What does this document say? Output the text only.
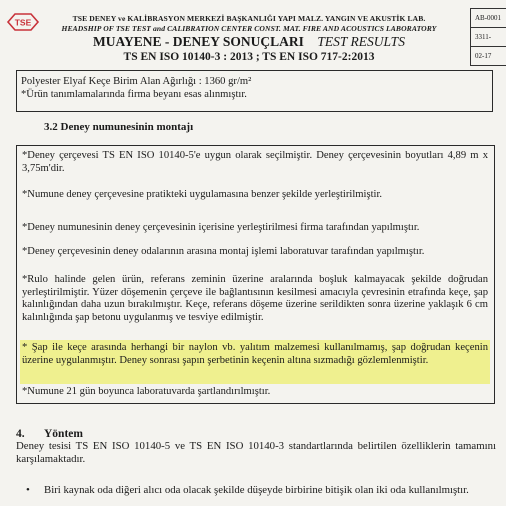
TSE	TSE DENEY ve KALİBRASYON MERKEZİ BAŞKANLIĞI YAPI MALZ. YANGIN VE AKUSTİK LAB.
HEADSHIP OF TSE TEST and CALIBRATION CENTER CONST. MAT. FIRE AND ACOUSTICS LABORATORY
MUAYENE - DENEY SONUÇLARI TEST RESULTS
TS EN ISO 10140-3 : 2013 ; TS EN ISO 717-2:2013
AB-0001
3311-
02-17

Polyester Elyaf Keçe Birim Alan Ağırlığı : 1360 gr/m²

*Ürün tanımlamalarında firma beyanı esas alınmıştır.

3.2 Deney numunesinin montajı

*Deney çerçevesi TS EN ISO 10140-5'e uygun olarak seçilmiştir. Deney çerçevesinin boyutları 4,89 m x 3,75m'dir.

*Numune deney çerçevesine pratikteki uygulamasına benzer şekilde yerleştirilmiştir.

*Deney numunesinin deney çerçevesinin içerisine yerleştirilmesi firma tarafından yapılmıştır.

*Deney çerçevesinin deney odalarının arasına montaj işlemi laboratuvar tarafından yapılmıştır.

*Rulo halinde gelen ürün, referans zeminin üzerine aralarında boşluk kalmayacak şekilde doğrudan yerleştirilmiştir. Yüzer döşemenin çerçeve ile bağlantısının kesilmesi amacıyla çevresinin etrafında keçe, şap kalınlığından daha uzun bırakılmıştır. Keçe, referans döşeme üzerine serildikten sonra üzerine yaklaşık 6 cm kalınlığında şap betonu uygulanmış ve tesviye edilmiştir.

* Şap ile keçe arasında herhangi bir naylon vb. yalıtım malzemesi kullanılmamış, şap doğrudan keçenin üzerine uygulanmıştır. Deney sonrası şapın şerbetinin keçenin altına sızmadığı gözlemlenmiştir.

*Numune 21 gün boyunca laboratuvarda şartlandırılmıştır.

4. Yöntem

Deney tesisi TS EN ISO 10140-5 ve TS EN ISO 10140-3 standartlarında belirtilen özelliklerin tamamını karşılamaktadır.

• Biri kaynak oda diğeri alıcı oda olacak şekilde düşeyde birbirine bitişik olan iki oda kullanılmıştır.
